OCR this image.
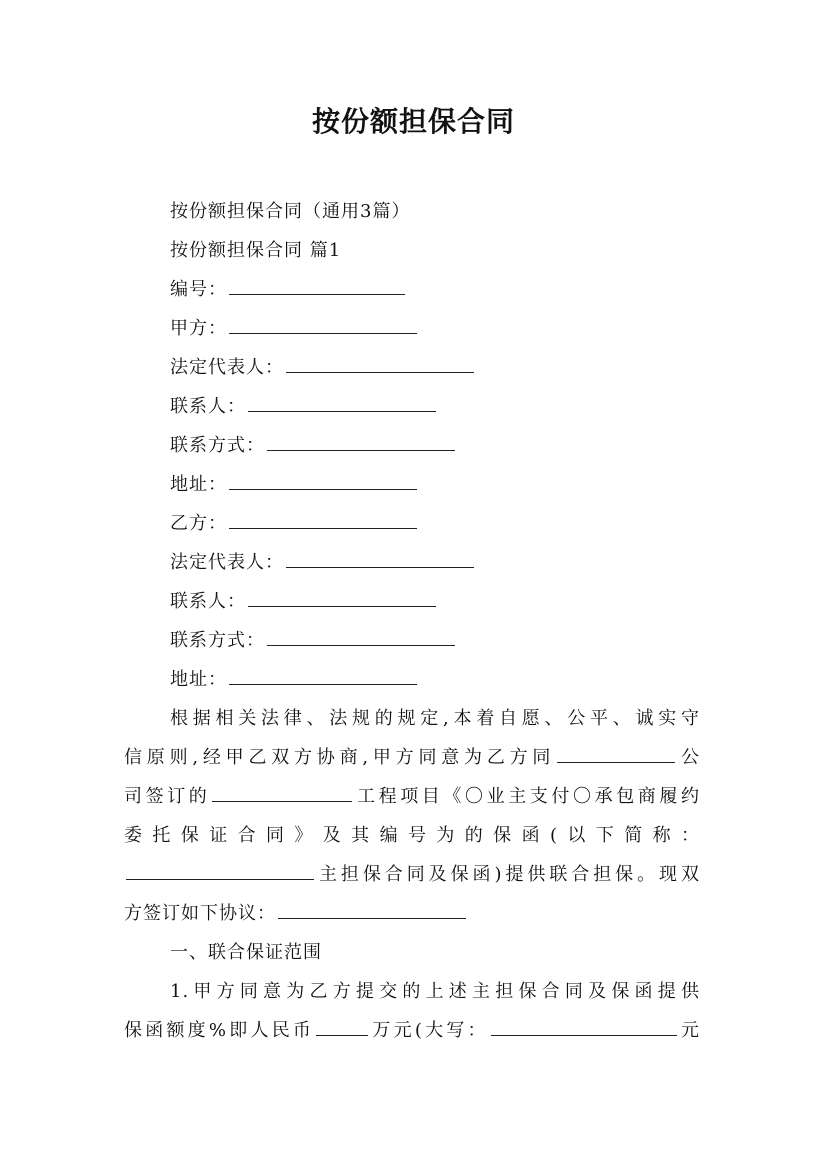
按份额担保合同
按份额担保合同（通用3篇）
按份额担保合同 篇1
编号：
甲方：
法定代表人：
联系人：
联系方式：
地址：
乙方：
法定代表人：
联系人：
联系方式：
地址：
根据相关法律、法规的规定,本着自愿、公平、诚实守
信原则,经甲乙双方协商,甲方同意为乙方同	公
司签订的	工程项目《〇业主支付〇承包商履约
委托保证合同》及其编号为的保函(以下简称：
主担保合同及保函)提供联合担保。现双
方签订如下协议：
一、联合保证范围
1.甲方同意为乙方提交的上述主担保合同及保函提供
保函额度%即人民币	万元(大写：	元
